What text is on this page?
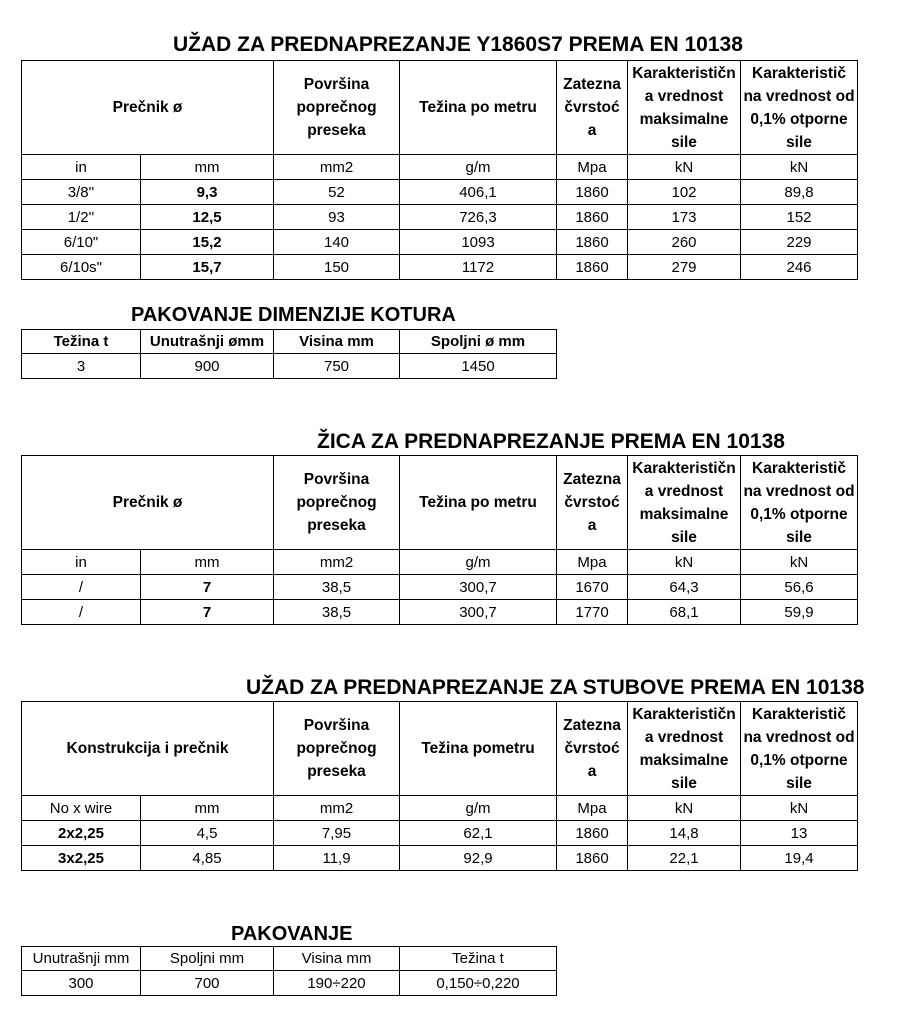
UŽAD ZA PREDNAPREZANJE Y1860S7 PREMA EN 10138
Prečnik ø		Površina poprečnog preseka	Težina po metru	Zatezna čvrstoć a	Karakterističn a vrednost maksimalne sile	Karakteristič na vrednost od 0,1% otporne sile
in	mm	mm2	g/m	Mpa	kN	kN
3/8''	9,3	52	406,1	1860	102	89,8
1/2''	12,5	93	726,3	1860	173	152
6/10"	15,2	140	1093	1860	260	229
6/10s"	15,7	150	1172	1860	279	246
PAKOVANJE DIMENZIJE KOTURA
Težina t	Unutrašnji ømm	Visina mm	Spoljni ø mm
3	900	750	1450
ŽICA ZA PREDNAPREZANJE PREMA EN 10138
Prečnik ø		Površina poprečnog preseka	Težina po metru	Zatezna čvrstoć a	Karakterističn a vrednost maksimalne sile	Karakteristič na vrednost od 0,1% otporne sile
in	mm	mm2	g/m	Mpa	kN	kN
/	7	38,5	300,7	1670	64,3	56,6
/	7	38,5	300,7	1770	68,1	59,9
UŽAD ZA PREDNAPREZANJE ZA STUBOVE PREMA EN 10138
Konstrukcija i prečnik		Površina poprečnog preseka	Težina pometru	Zatezna čvrstoć a	Karakterističn a vrednost maksimalne sile	Karakteristič na vrednost od 0,1% otporne sile
No x wire	mm	mm2	g/m	Mpa	kN	kN
2x2,25	4,5	7,95	62,1	1860	14,8	13
3x2,25	4,85	11,9	92,9	1860	22,1	19,4
PAKOVANJE
Unutrašnji mm	Spoljni mm	Visina mm	Težina t
300	700	190÷220	0,150÷0,220
